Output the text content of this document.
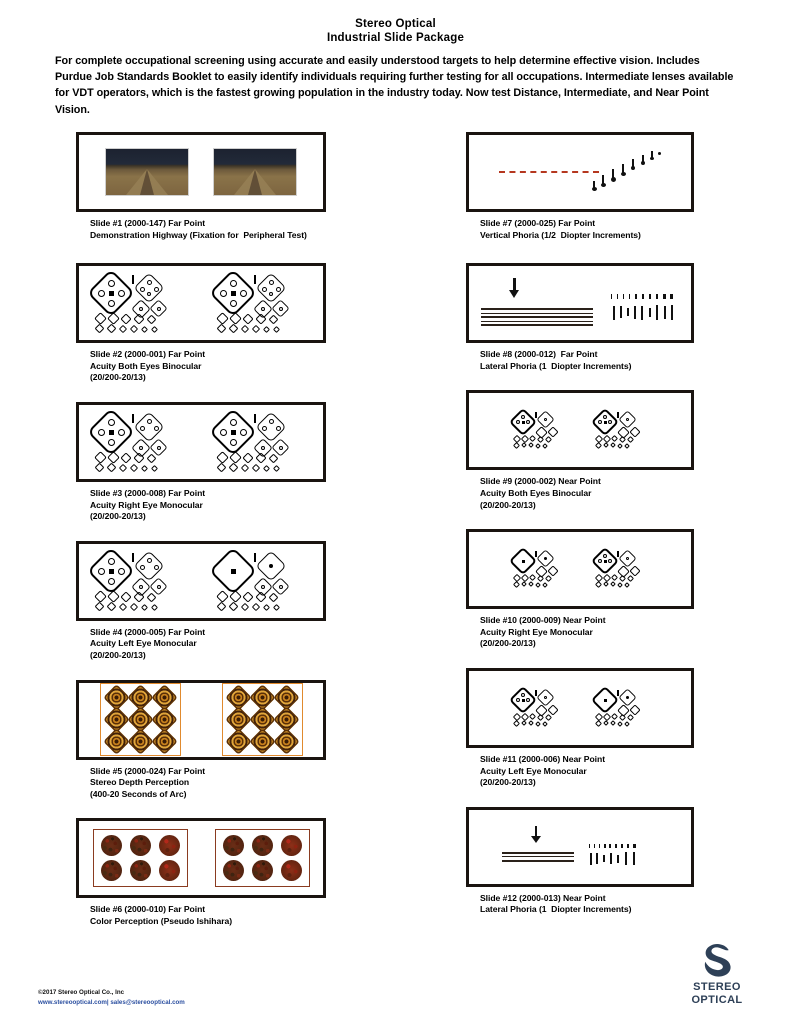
Stereo Optical
Industrial Slide Package
For complete occupational screening using accurate and easily understood targets to help determine effective vision. Includes Purdue Job Standards Booklet to easily identify individuals requiring further testing for all occupations. Intermediate lenses available for VDT operators, which is the fastest growing population in the industry today. Now test Distance, Intermediate, and Near Point Vision.
Slide #1 (2000-147) Far Point
Demonstration Highway (Fixation for  Peripheral Test)
Slide #2 (2000-001) Far Point
Acuity Both Eyes Binocular
(20/200-20/13)
Slide #3 (2000-008) Far Point
Acuity Right Eye Monocular
(20/200-20/13)
Slide #4 (2000-005) Far Point
Acuity Left Eye Monocular
(20/200-20/13)
Slide #5 (2000-024) Far Point
Stereo Depth Perception
(400-20 Seconds of Arc)
Slide #6 (2000-010) Far Point
Color Perception (Pseudo Ishihara)
Slide #7 (2000-025) Far Point
Vertical Phoria (1/2  Diopter Increments)
Slide #8 (2000-012)  Far Point
Lateral Phoria (1  Diopter Increments)
Slide #9 (2000-002) Near Point
Acuity Both Eyes Binocular
(20/200-20/13)
Slide #10 (2000-009) Near Point
Acuity Right Eye Monocular
(20/200-20/13)
Slide #11 (2000-006) Near Point
Acuity Left Eye Monocular
(20/200-20/13)
Slide #12 (2000-013) Near Point
Lateral Phoria (1  Diopter Increments)
©2017 Stereo Optical Co., Inc
www.stereooptical.com| sales@stereooptical.com
STEREO
OPTICAL
